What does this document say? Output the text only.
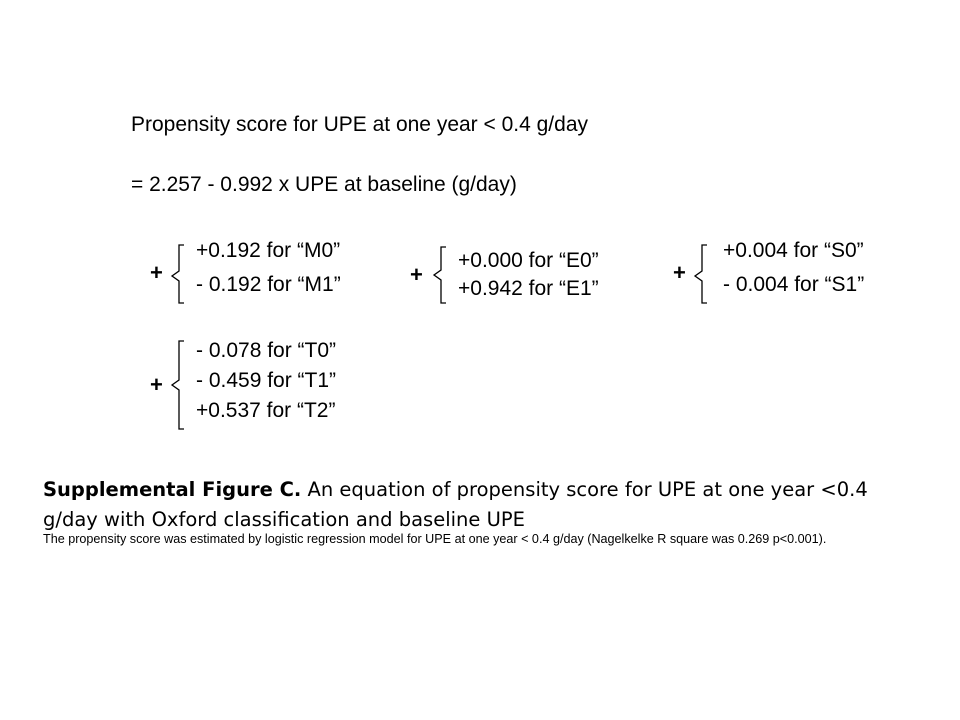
Propensity score for UPE at one year < 0.4 g/day
= 2.257 - 0.992 x UPE at baseline (g/day)
+
+0.192 for “M0”
- 0.192 for “M1”	+
+0.000 for “E0”
+0.942 for “E1”
+
+0.004 for “S0”
- 0.004 for “S1”
+
- 0.078 for “T0”
- 0.459 for “T1”
+0.537 for “T2”
Supplemental Figure C. An equation of propensity score for UPE at one year <0.4 g/day with Oxford classification and baseline UPE
The propensity score was estimated by logistic regression model for UPE at one year < 0.4 g/day (Nagelkelke R square was 0.269 p<0.001).
